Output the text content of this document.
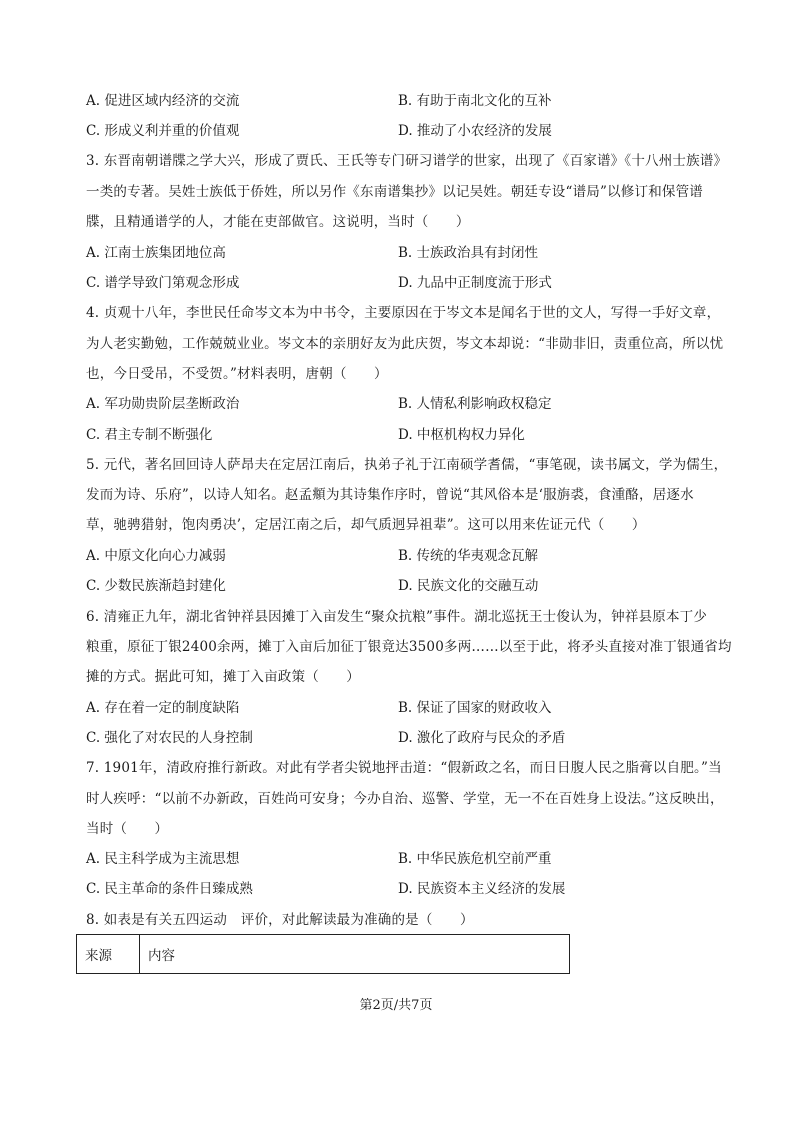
A. 促进区域内经济的交流	B. 有助于南北文化的互补
C. 形成义利并重的价值观	D. 推动了小农经济的发展
3. 东晋南朝谱牒之学大兴，形成了贾氏、王氏等专门研习谱学的世家，出现了《百家谱》《十八州士族谱》
一类的专著。吴姓士族低于侨姓，所以另作《东南谱集抄》以记吴姓。朝廷专设“谱局”以修订和保管谱
牒，且精通谱学的人，才能在吏部做官。这说明，当时（　　）
A. 江南士族集团地位高	B. 士族政治具有封闭性
C. 谱学导致门第观念形成	D. 九品中正制度流于形式
4. 贞观十八年，李世民任命岑文本为中书令，主要原因在于岑文本是闻名于世的文人，写得一手好文章，
为人老实勤勉，工作兢兢业业。岑文本的亲朋好友为此庆贺，岑文本却说：“非勋非旧，责重位高，所以忧
也，今日受吊，不受贺。”材料表明，唐朝（　　）
A. 军功勋贵阶层垄断政治	B. 人情私利影响政权稳定
C. 君主专制不断强化	D. 中枢机构权力异化
5. 元代，著名回回诗人萨昂夫在定居江南后，执弟子礼于江南硕学耆儒，“事笔砚，读书属文，学为儒生，
发而为诗、乐府”，以诗人知名。赵孟頫为其诗集作序时，曾说“其风俗本是‘服旃裘，食湩酪，居逐水
草，驰骋猎射，饱肉勇决’，定居江南之后，却气质迥异祖辈”。这可以用来佐证元代（　　）
A. 中原文化向心力减弱	B. 传统的华夷观念瓦解
C. 少数民族渐趋封建化	D. 民族文化的交融互动
6. 清雍正九年，湖北省钟祥县因摊丁入亩发生“聚众抗粮”事件。湖北巡抚王士俊认为，钟祥县原本丁少
粮重，原征丁银2400余两，摊丁入亩后加征丁银竟达3500多两……以至于此，将矛头直接对准丁银通省均
摊的方式。据此可知，摊丁入亩政策（　　）
A. 存在着一定的制度缺陷	B. 保证了国家的财政收入
C. 强化了对农民的人身控制	D. 激化了政府与民众的矛盾
7. 1901年，清政府推行新政。对此有学者尖锐地抨击道：“假新政之名，而日日腹人民之脂膏以自肥。”当
时人疾呼：“以前不办新政，百姓尚可安身；今办自治、巡警、学堂，无一不在百姓身上设法。”这反映出，
当时（　　）
A. 民主科学成为主流思想	B. 中华民族危机空前严重
C. 民主革命的条件日臻成熟	D. 民族资本主义经济的发展
8. 如表是有关五四运动　评价，对此解读最为准确的是（　　）
来源	内容
第2页/共7页
